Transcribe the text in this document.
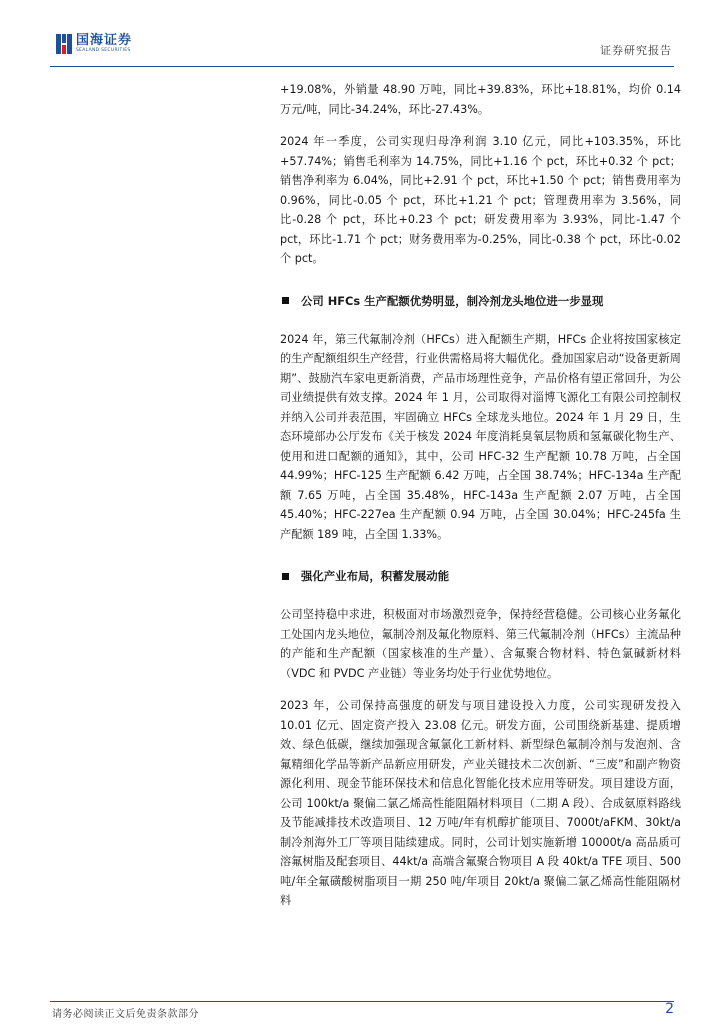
国海证券
SEALAND SECURITIES	证券研究报告

+19.08%，外销量 48.90 万吨，同比+39.83%，环比+18.81%，均价 0.14 万元/吨，同比-34.24%，环比-27.43%。

2024 年一季度，公司实现归母净利润 3.10 亿元，同比+103.35%，环比+57.74%；销售毛利率为 14.75%，同比+1.16 个 pct，环比+0.32 个 pct；销售净利率为 6.04%，同比+2.91 个 pct，环比+1.50 个 pct；销售费用率为 0.96%，同比-0.05 个 pct，环比+1.21 个 pct；管理费用率为 3.56%，同比-0.28 个 pct，环比+0.23 个 pct；研发费用率为 3.93%，同比-1.47 个 pct，环比-1.71 个 pct；财务费用率为-0.25%，同比-0.38 个 pct，环比-0.02 个 pct。

公司 HFCs 生产配额优势明显，制冷剂龙头地位进一步显现

2024 年，第三代氟制冷剂（HFCs）进入配额生产期，HFCs 企业将按国家核定的生产配额组织生产经营，行业供需格局将大幅优化。叠加国家启动“设备更新周期”、鼓励汽车家电更新消费，产品市场理性竞争，产品价格有望正常回升，为公司业绩提供有效支撑。2024 年 1 月，公司取得对淄博飞源化工有限公司控制权并纳入公司并表范围，牢固确立 HFCs 全球龙头地位。2024 年 1 月 29 日，生态环境部办公厅发布《关于核发 2024 年度消耗臭氧层物质和氢氟碳化物生产、使用和进口配额的通知》，其中，公司 HFC-32 生产配额 10.78 万吨，占全国 44.99%；HFC-125 生产配额 6.42 万吨，占全国 38.74%；HFC-134a 生产配额 7.65 万吨，占全国 35.48%，HFC-143a 生产配额 2.07 万吨，占全国 45.40%；HFC-227ea 生产配额 0.94 万吨，占全国 30.04%；HFC-245fa 生产配额 189 吨，占全国 1.33%。

强化产业布局，积蓄发展动能

公司坚持稳中求进，积极面对市场激烈竞争，保持经营稳健。公司核心业务氟化工处国内龙头地位，氟制冷剂及氟化物原料、第三代氟制冷剂（HFCs）主流品种的产能和生产配额（国家核准的生产量）、含氟聚合物材料、特色氯碱新材料（VDC 和 PVDC 产业链）等业务均处于行业优势地位。

2023 年，公司保持高强度的研发与项目建设投入力度，公司实现研发投入 10.01 亿元、固定资产投入 23.08 亿元。研发方面，公司围绕新基建、提质增效、绿色低碳，继续加强现含氟氯化工新材料、新型绿色氟制冷剂与发泡剂、含氟精细化学品等新产品新应用研发，产业关键技术二次创新、“三废”和副产物资源化利用、现金节能环保技术和信息化智能化技术应用等研发。项目建设方面，公司 100kt/a 聚偏二氯乙烯高性能阻隔材料项目（二期 A 段）、合成氨原料路线及节能减排技术改造项目、12 万吨/年有机醇扩能项目、7000t/aFKM、30kt/a 制冷剂海外工厂等项目陆续建成。同时，公司计划实施新增 10000t/a 高品质可溶氟树脂及配套项目、44kt/a 高端含氟聚合物项目 A 段 40kt/a TFE 项目、500 吨/年全氟磺酸树脂项目一期 250 吨/年项目 20kt/a 聚偏二氯乙烯高性能阻隔材料

请务必阅读正文后免责条款部分	2
